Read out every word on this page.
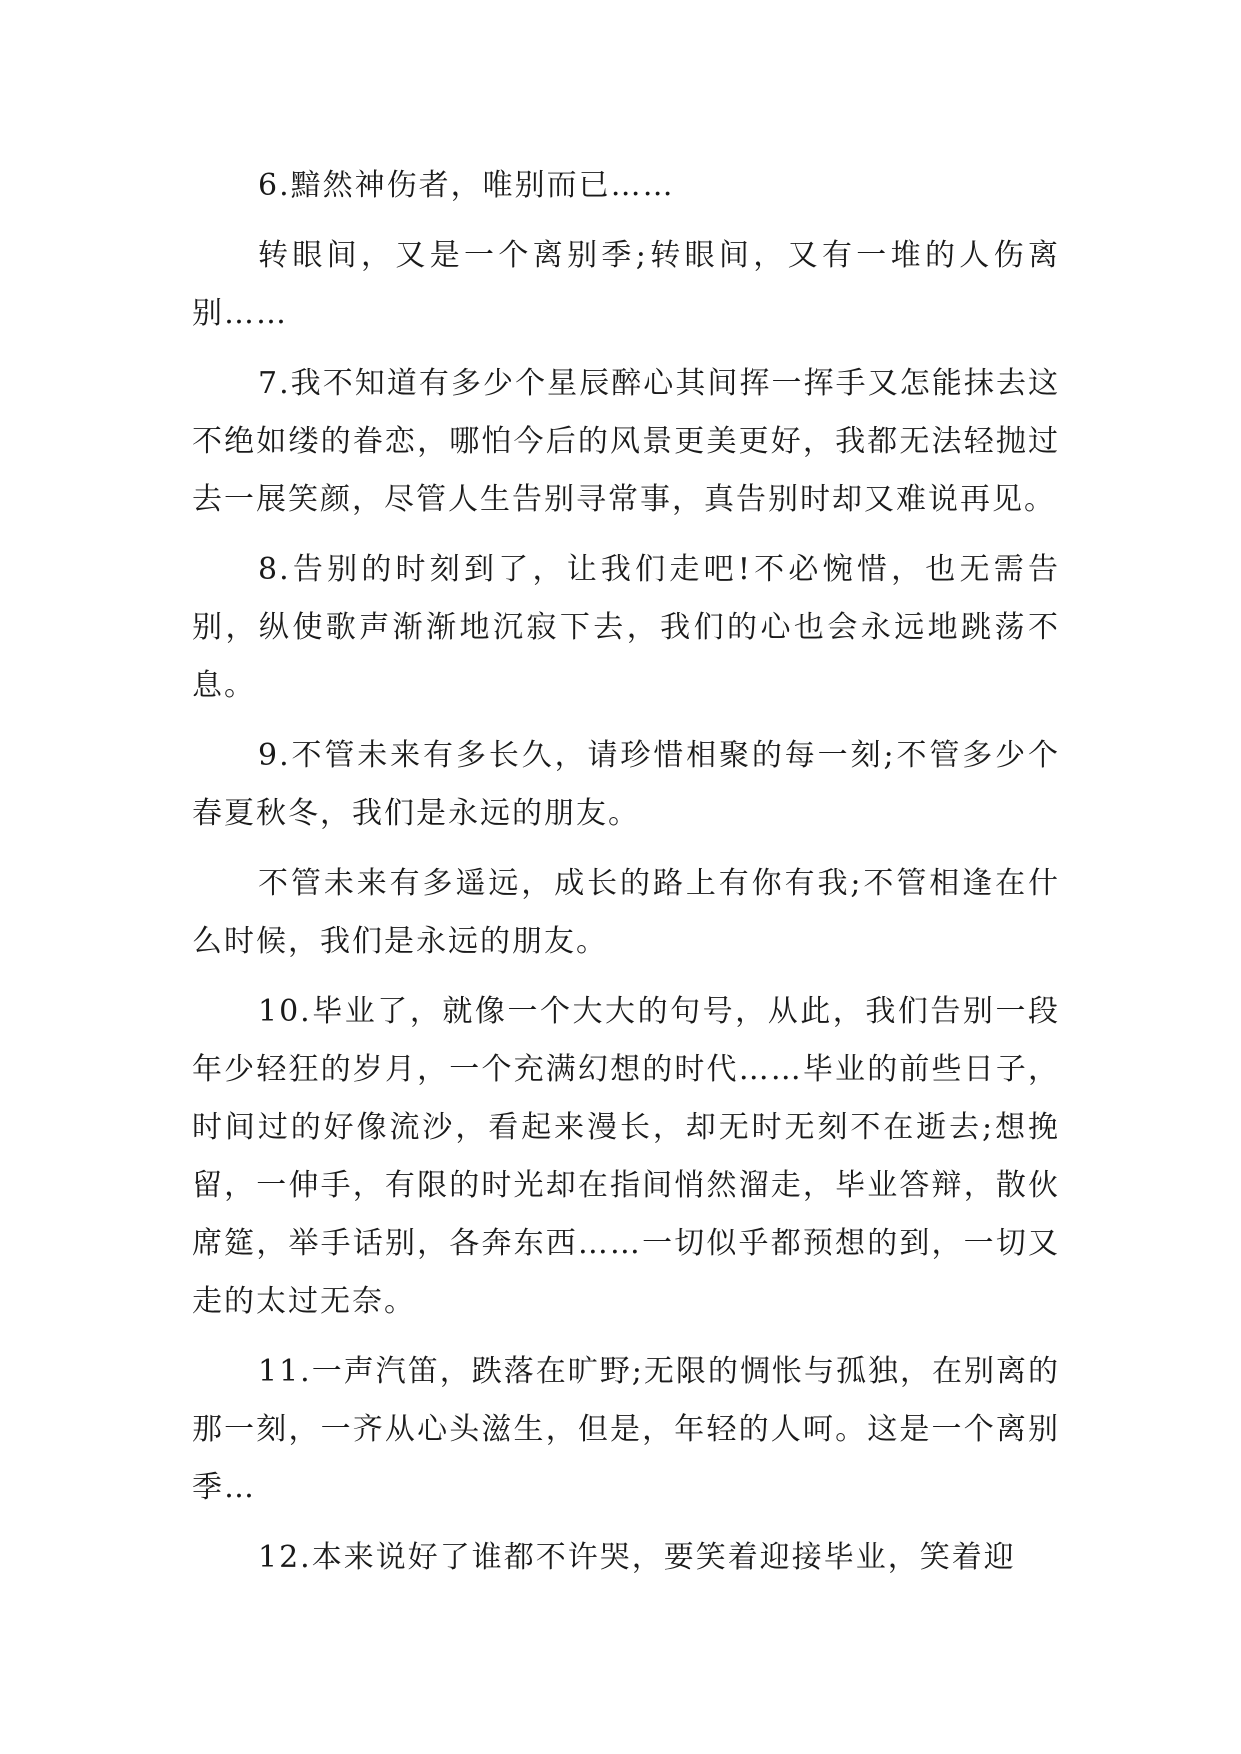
6.黯然神伤者，唯别而已……

转眼间，又是一个离别季;转眼间，又有一堆的人伤离别……

7.我不知道有多少个星辰醉心其间挥一挥手又怎能抹去这不绝如缕的眷恋，哪怕今后的风景更美更好，我都无法轻抛过去一展笑颜，尽管人生告别寻常事，真告别时却又难说再见。

8.告别的时刻到了，让我们走吧!不必惋惜，也无需告别，纵使歌声渐渐地沉寂下去，我们的心也会永远地跳荡不息。

9.不管未来有多长久，请珍惜相聚的每一刻;不管多少个春夏秋冬，我们是永远的朋友。

不管未来有多遥远，成长的路上有你有我;不管相逢在什么时候，我们是永远的朋友。

10.毕业了，就像一个大大的句号，从此，我们告别一段年少轻狂的岁月，一个充满幻想的时代……毕业的前些日子，时间过的好像流沙，看起来漫长，却无时无刻不在逝去;想挽留，一伸手，有限的时光却在指间悄然溜走，毕业答辩，散伙席筵，举手话别，各奔东西……一切似乎都预想的到，一切又走的太过无奈。

11.一声汽笛，跌落在旷野;无限的惆怅与孤独，在别离的那一刻，一齐从心头滋生，但是，年轻的人呵。这是一个离别季…

12.本来说好了谁都不许哭，要笑着迎接毕业，笑着迎
